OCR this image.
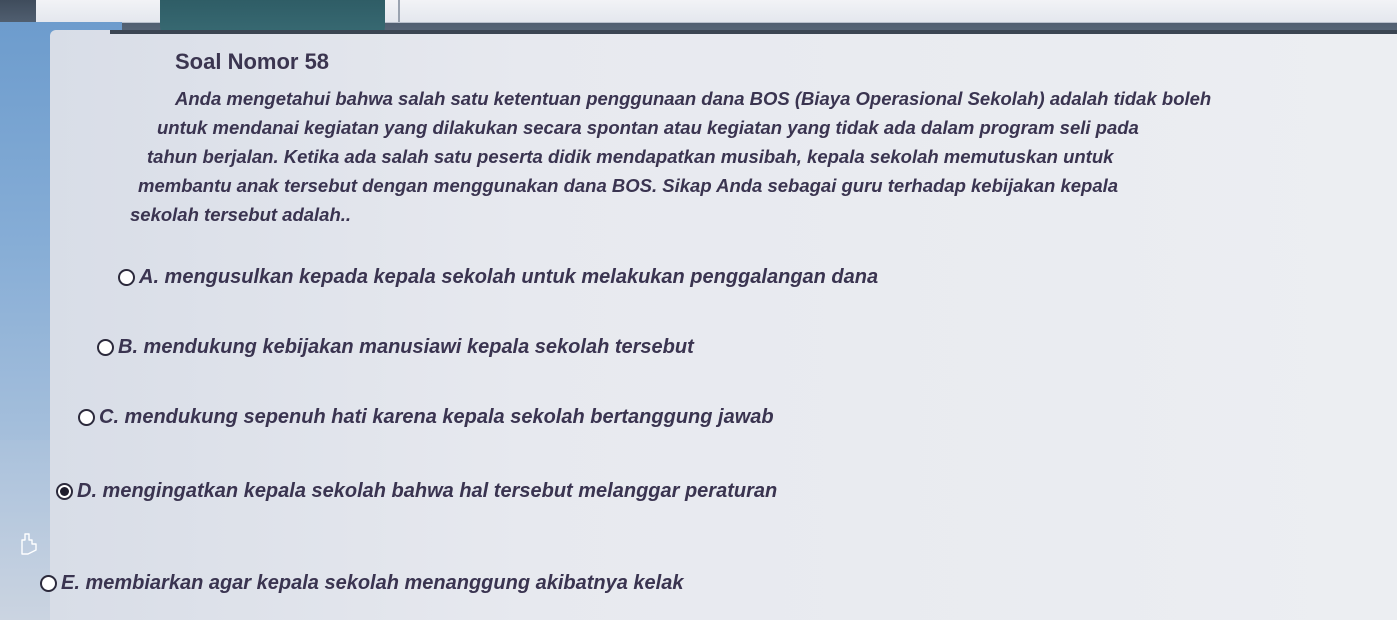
Soal Nomor 58

Anda mengetahui bahwa salah satu ketentuan penggunaan dana BOS (Biaya Operasional Sekolah) adalah tidak boleh

untuk mendanai kegiatan yang dilakukan secara spontan atau kegiatan yang tidak ada dalam program seli pada

tahun berjalan. Ketika ada salah satu peserta didik mendapatkan musibah, kepala sekolah memutuskan untuk

membantu anak tersebut dengan menggunakan dana BOS. Sikap Anda sebagai guru terhadap kebijakan kepala

sekolah tersebut adalah..

A. mengusulkan kepada kepala sekolah untuk melakukan penggalangan dana
B. mendukung kebijakan manusiawi kepala sekolah tersebut
C. mendukung sepenuh hati karena kepala sekolah bertanggung jawab
D. mengingatkan kepala sekolah bahwa hal tersebut melanggar peraturan
E. membiarkan agar kepala sekolah menanggung akibatnya kelak
